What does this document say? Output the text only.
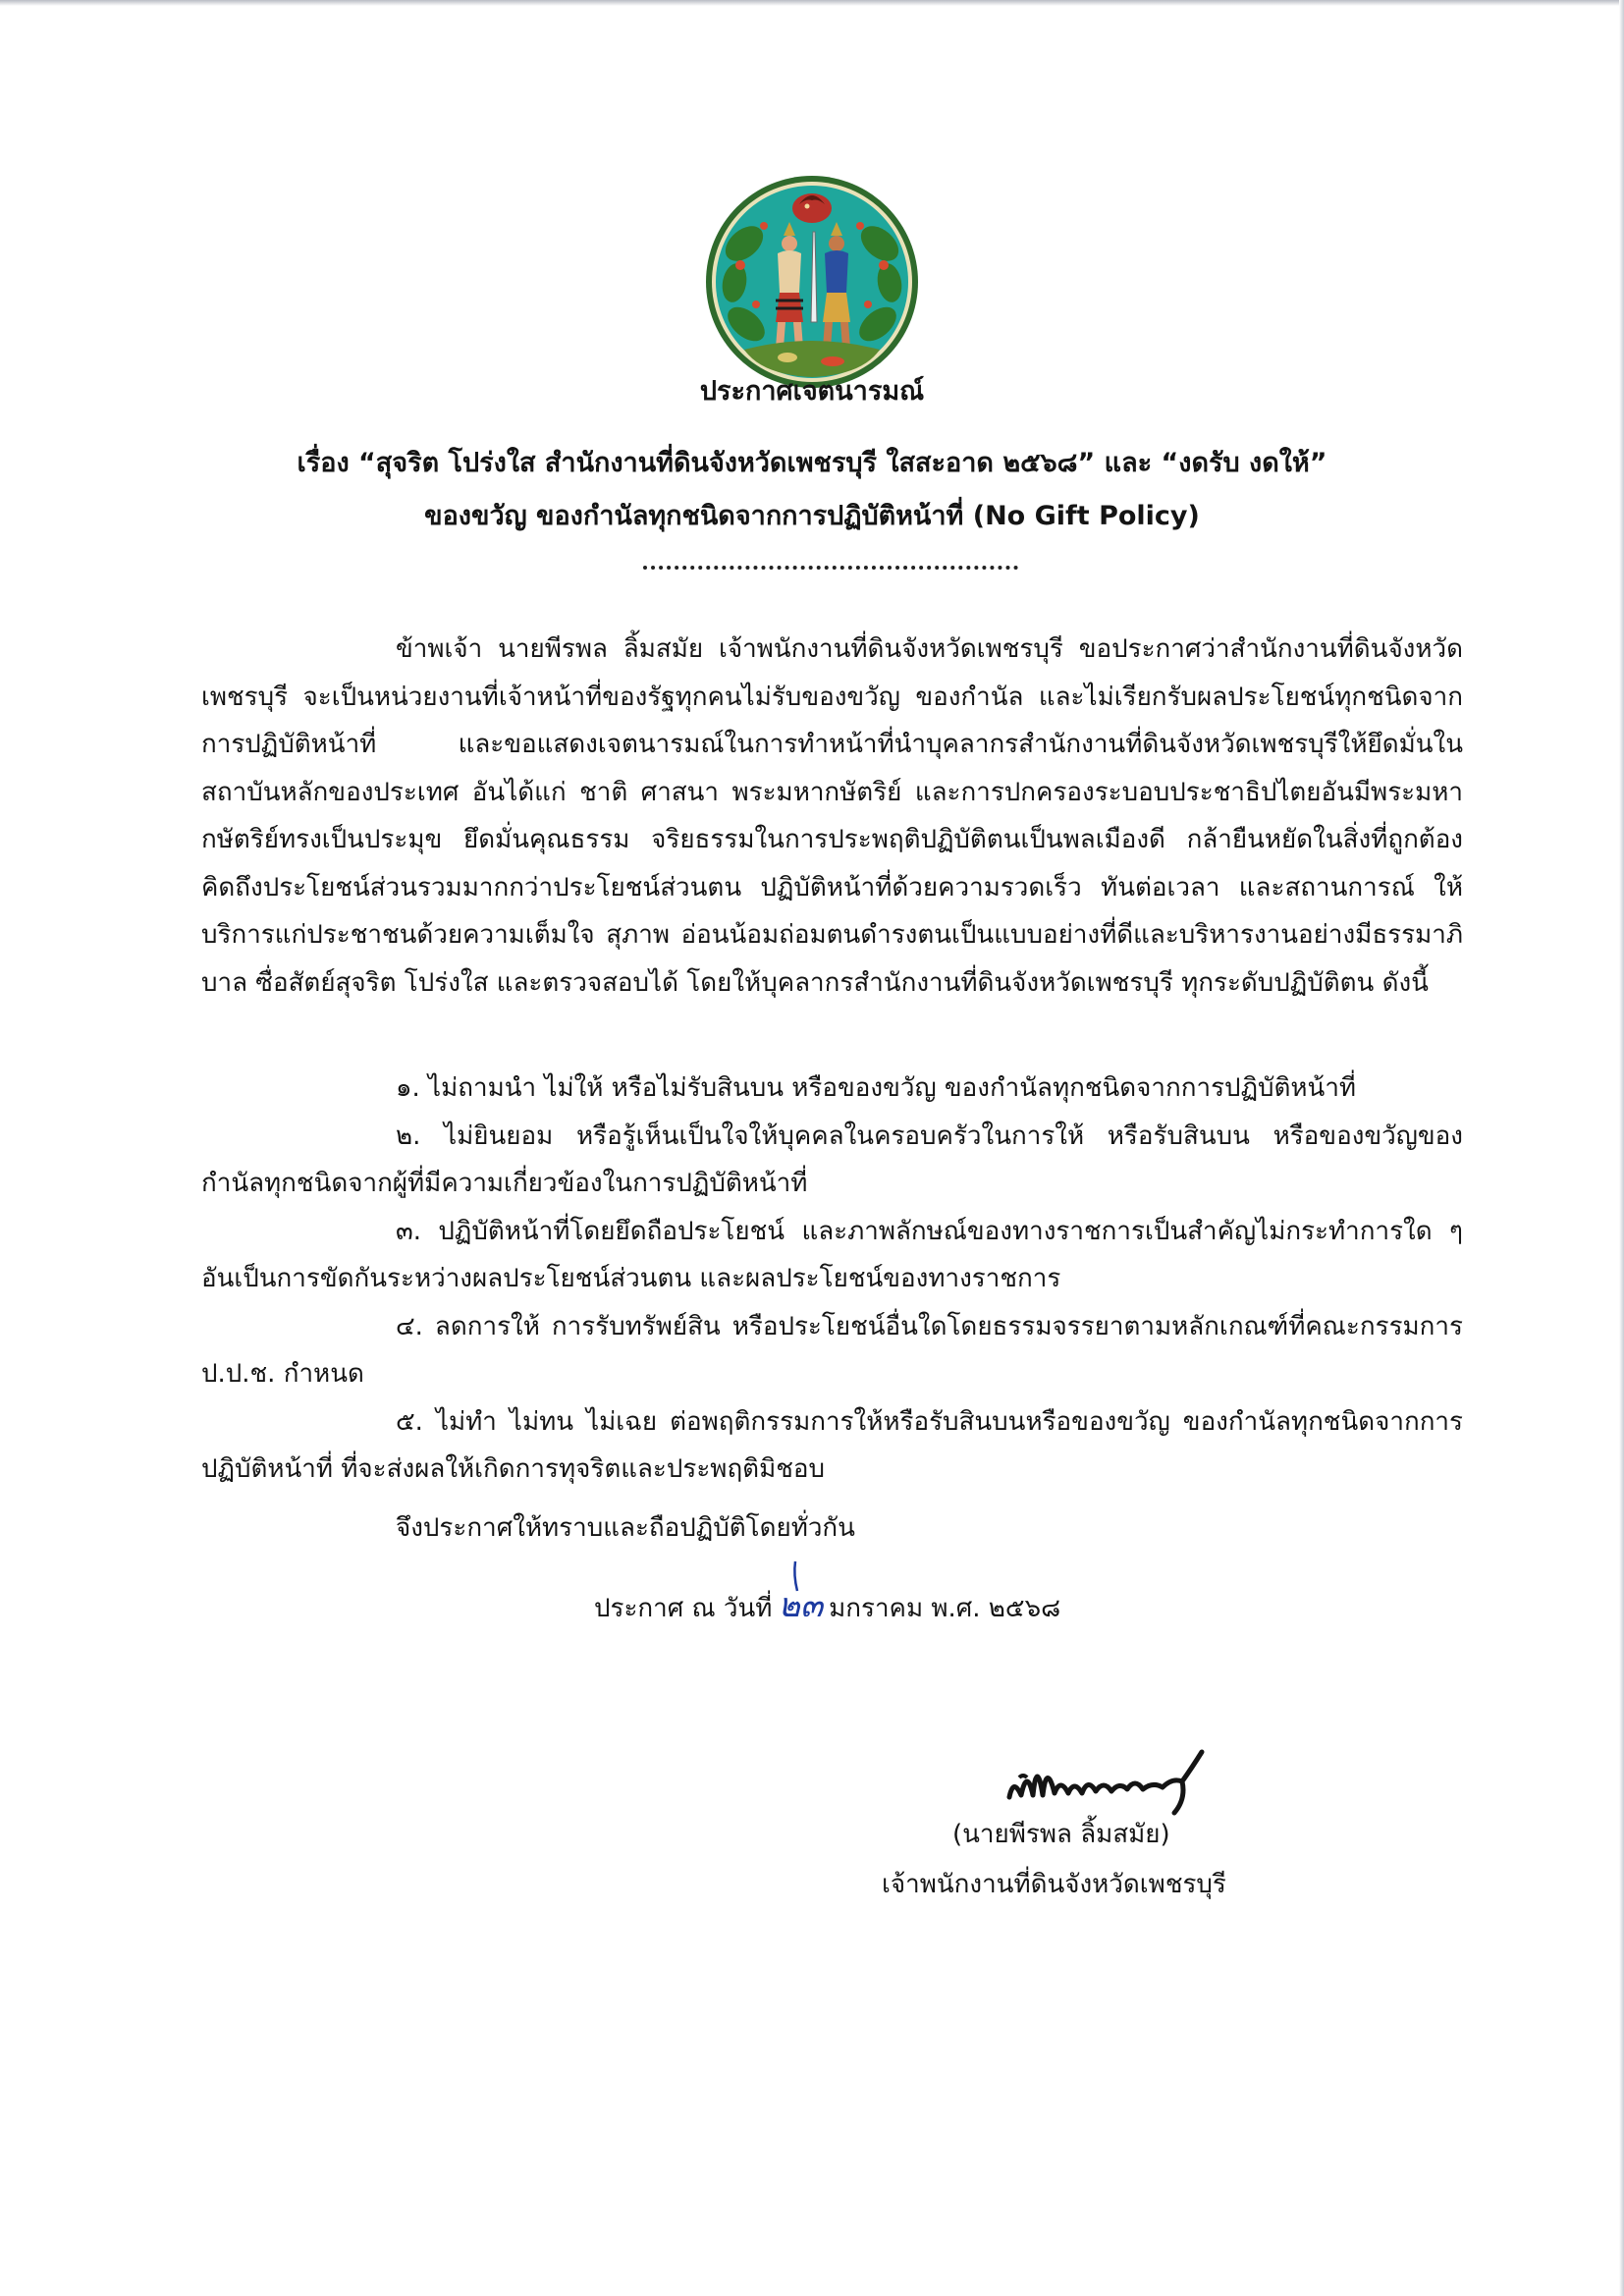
ประกาศเจตนารมณ์
เรื่อง “สุจริต โปร่งใส สำนักงานที่ดินจังหวัดเพชรบุรี ใสสะอาด ๒๕๖๘” และ “งดรับ งดให้”
ของขวัญ ของกำนัลทุกชนิดจากการปฏิบัติหน้าที่ (No Gift Policy)

ข้าพเจ้า นายพีรพล ลิ้มสมัย เจ้าพนักงานที่ดินจังหวัดเพชรบุรี ขอประกาศว่าสำนักงานที่ดินจังหวัดเพชรบุรี จะเป็นหน่วยงานที่เจ้าหน้าที่ของรัฐทุกคนไม่รับของขวัญ ของกำนัล และไม่เรียกรับผลประโยชน์ทุกชนิดจากการปฏิบัติหน้าที่ และขอแสดงเจตนารมณ์ในการทำหน้าที่นำบุคลากรสำนักงานที่ดินจังหวัดเพชรบุรีให้ยึดมั่นในสถาบันหลักของประเทศ อันได้แก่ ชาติ ศาสนา พระมหากษัตริย์ และการปกครองระบอบประชาธิปไตยอันมีพระมหากษัตริย์ทรงเป็นประมุข ยึดมั่นคุณธรรม จริยธรรมในการประพฤติปฏิบัติตนเป็นพลเมืองดี กล้ายืนหยัดในสิ่งที่ถูกต้อง คิดถึงประโยชน์ส่วนรวมมากกว่าประโยชน์ส่วนตน ปฏิบัติหน้าที่ด้วยความรวดเร็ว ทันต่อเวลา และสถานการณ์ ให้บริการแก่ประชาชนด้วยความเต็มใจ สุภาพ อ่อนน้อมถ่อมตนดำรงตนเป็นแบบอย่างที่ดีและบริหารงานอย่างมีธรรมาภิบาล ซื่อสัตย์สุจริต โปร่งใส และตรวจสอบได้ โดยให้บุคลากรสำนักงานที่ดินจังหวัดเพชรบุรี ทุกระดับปฏิบัติตน ดังนี้

๑. ไม่ถามนำ ไม่ให้ หรือไม่รับสินบน หรือของขวัญ ของกำนัลทุกชนิดจากการปฏิบัติหน้าที่

๒. ไม่ยินยอม หรือรู้เห็นเป็นใจให้บุคคลในครอบครัวในการให้ หรือรับสินบน หรือของขวัญของกำนัลทุกชนิดจากผู้ที่มีความเกี่ยวข้องในการปฏิบัติหน้าที่

๓. ปฏิบัติหน้าที่โดยยึดถือประโยชน์ และภาพลักษณ์ของทางราชการเป็นสำคัญไม่กระทำการใด ๆ อันเป็นการขัดกันระหว่างผลประโยชน์ส่วนตน และผลประโยชน์ของทางราชการ

๔. ลดการให้ การรับทรัพย์สิน หรือประโยชน์อื่นใดโดยธรรมจรรยาตามหลักเกณฑ์ที่คณะกรรมการ ป.ป.ช. กำหนด

๕. ไม่ทำ ไม่ทน ไม่เฉย ต่อพฤติกรรมการให้หรือรับสินบนหรือของขวัญ ของกำนัลทุกชนิดจากการปฏิบัติหน้าที่ ที่จะส่งผลให้เกิดการทุจริตและประพฤติมิชอบ

จึงประกาศให้ทราบและถือปฏิบัติโดยทั่วกัน
ประกาศ ณ วันที่ ๒๓ มกราคม พ.ศ. ๒๕๖๘
(นายพีรพล ลิ้มสมัย)
เจ้าพนักงานที่ดินจังหวัดเพชรบุรี
